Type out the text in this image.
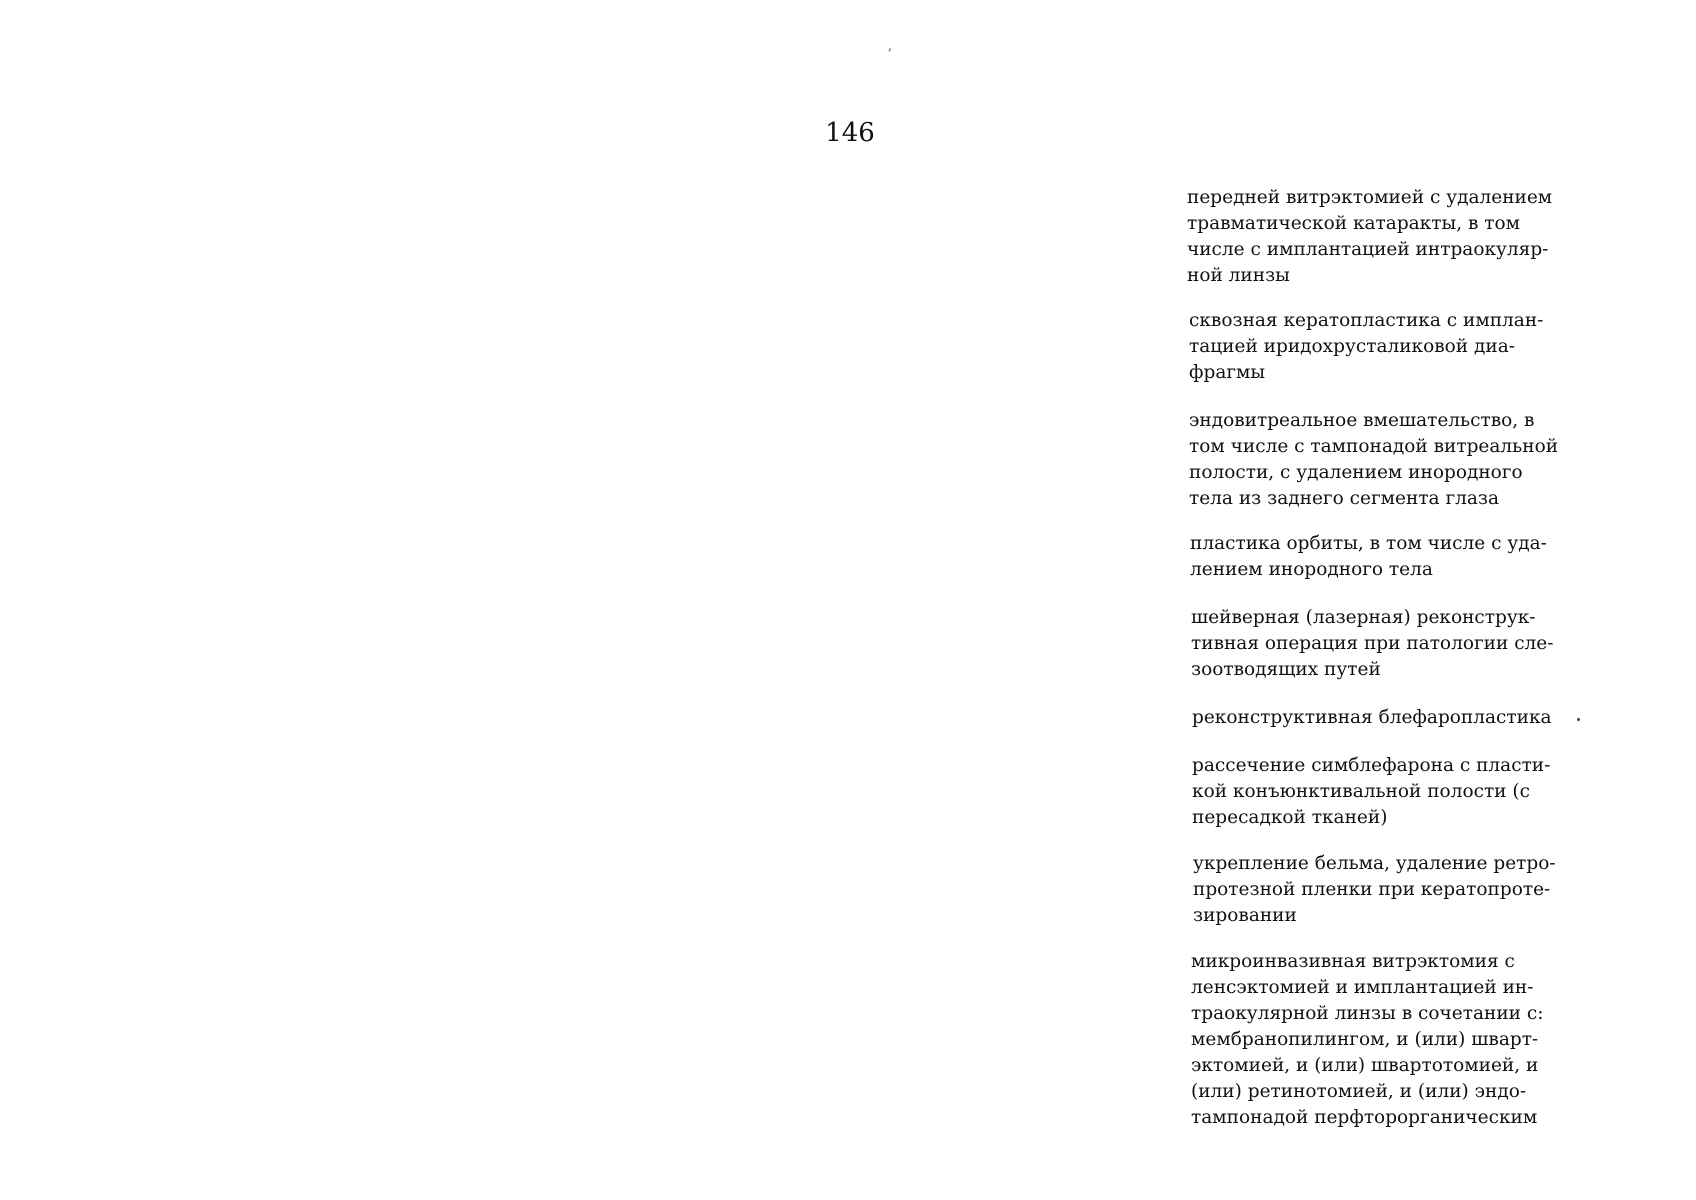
‚
146

передней витрэктомией с удалением
травматической катаракты, в том
числе с имплантацией интраокуляр-
ной линзы

сквозная кератопластика с имплан-
тацией иридохрусталиковой диа-
фрагмы

эндовитреальное вмешательство, в
том числе с тампонадой витреальной
полости, с удалением инородного
тела из заднего сегмента глаза

пластика орбиты, в том числе с уда-
лением инородного тела

шейверная (лазерная) реконструк-
тивная операция при патологии сле-
зоотводящих путей

реконструктивная блефаропластика

рассечение симблефарона с пласти-
кой конъюнктивальной полости (с
пересадкой тканей)

укрепление бельма, удаление ретро-
протезной пленки при кератопроте-
зировании

микроинвазивная витрэктомия с
ленсэктомией и имплантацией ин-
траокулярной линзы в сочетании с:
мембранопилингом, и (или) шварт-
эктомией, и (или) швартотомией, и
(или) ретинотомией, и (или) эндо-
тампонадой перфторорганическим
